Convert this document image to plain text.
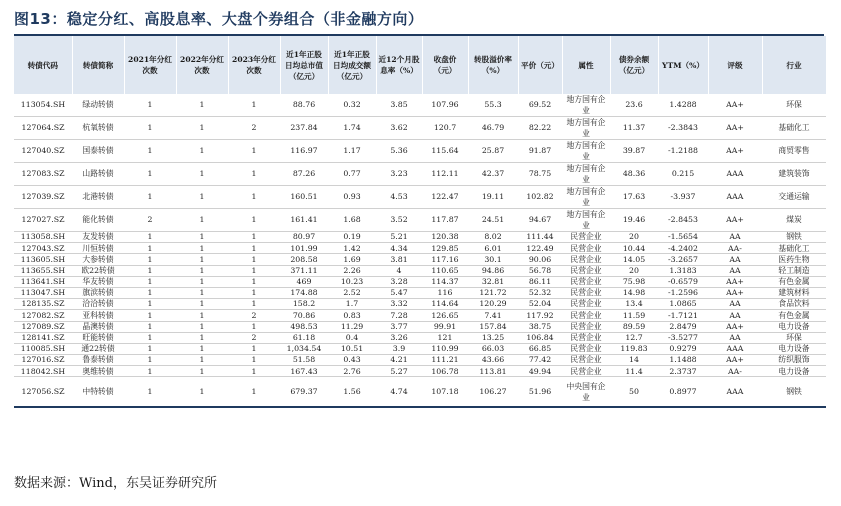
图13：稳定分红、高股息率、大盘个券组合（非金融方向）
转债代码	转债简称	2021年分红次数	2022年分红次数	2023年分红次数	近1年正股日均总市值（亿元）	近1年正股日均成交额（亿元）	近12个月股息率（%）	收盘价（元）	转股溢价率（%）	平价（元）	属性	债券余额（亿元）	YTM（%）	评级	行业
113054.SH	绿动转债	1	1	1	88.76	0.32	3.85	107.96	55.3	69.52	地方国有企业	23.6	1.4288	AA+	环保
127064.SZ	杭氧转债	1	1	2	237.84	1.74	3.62	120.7	46.79	82.22	地方国有企业	11.37	-2.3843	AA+	基础化工
127040.SZ	国泰转债	1	1	1	116.97	1.17	5.36	115.64	25.87	91.87	地方国有企业	39.87	-1.2188	AA+	商贸零售
127083.SZ	山路转债	1	1	1	87.26	0.77	3.23	112.11	42.37	78.75	地方国有企业	48.36	0.215	AAA	建筑装饰
127039.SZ	北港转债	1	1	1	160.51	0.93	4.53	122.47	19.11	102.82	地方国有企业	17.63	-3.937	AAA	交通运输
127027.SZ	能化转债	2	1	1	161.41	1.68	3.52	117.87	24.51	94.67	地方国有企业	19.46	-2.8453	AA+	煤炭
113058.SH	友发转债	1	1	1	80.97	0.19	5.21	120.38	8.02	111.44	民营企业	20	-1.5654	AA	钢铁
127043.SZ	川恒转债	1	1	1	101.99	1.42	4.34	129.85	6.01	122.49	民营企业	10.44	-4.2402	AA-	基础化工
113605.SH	大参转债	1	1	1	208.58	1.69	3.81	117.16	30.1	90.06	民营企业	14.05	-3.2657	AA	医药生物
113655.SH	欧22转债	1	1	1	371.11	2.26	4	110.65	94.86	56.78	民营企业	20	1.3183	AA	轻工制造
113641.SH	华友转债	1	1	1	469	10.23	3.28	114.37	32.81	86.11	民营企业	75.98	-0.6579	AA+	有色金属
113047.SH	旗滨转债	1	1	1	174.88	2.52	5.47	116	121.72	52.32	民营企业	14.98	-1.2596	AA+	建筑材料
128135.SZ	洽洽转债	1	1	1	158.2	1.7	3.32	114.64	120.29	52.04	民营企业	13.4	1.0865	AA	食品饮料
127082.SZ	亚科转债	1	1	2	70.86	0.83	7.28	126.65	7.41	117.92	民营企业	11.59	-1.7121	AA	有色金属
127089.SZ	晶澳转债	1	1	1	498.53	11.29	3.77	99.91	157.84	38.75	民营企业	89.59	2.8479	AA+	电力设备
128141.SZ	旺能转债	1	1	2	61.18	0.4	3.26	121	13.25	106.84	民营企业	12.7	-3.5277	AA	环保
110085.SH	通22转债	1	1	1	1,034.54	10.51	3.9	110.99	66.03	66.85	民营企业	119.83	0.9279	AAA	电力设备
127016.SZ	鲁泰转债	1	1	1	51.58	0.43	4.21	111.21	43.66	77.42	民营企业	14	1.1488	AA+	纺织服饰
118042.SH	奥维转债	1	1	1	167.43	2.76	5.27	106.78	113.81	49.94	民营企业	11.4	2.3737	AA-	电力设备
127056.SZ	中特转债	1	1	1	679.37	1.56	4.74	107.18	106.27	51.96	中央国有企业	50	0.8977	AAA	钢铁
数据来源：Wind，东吴证券研究所
